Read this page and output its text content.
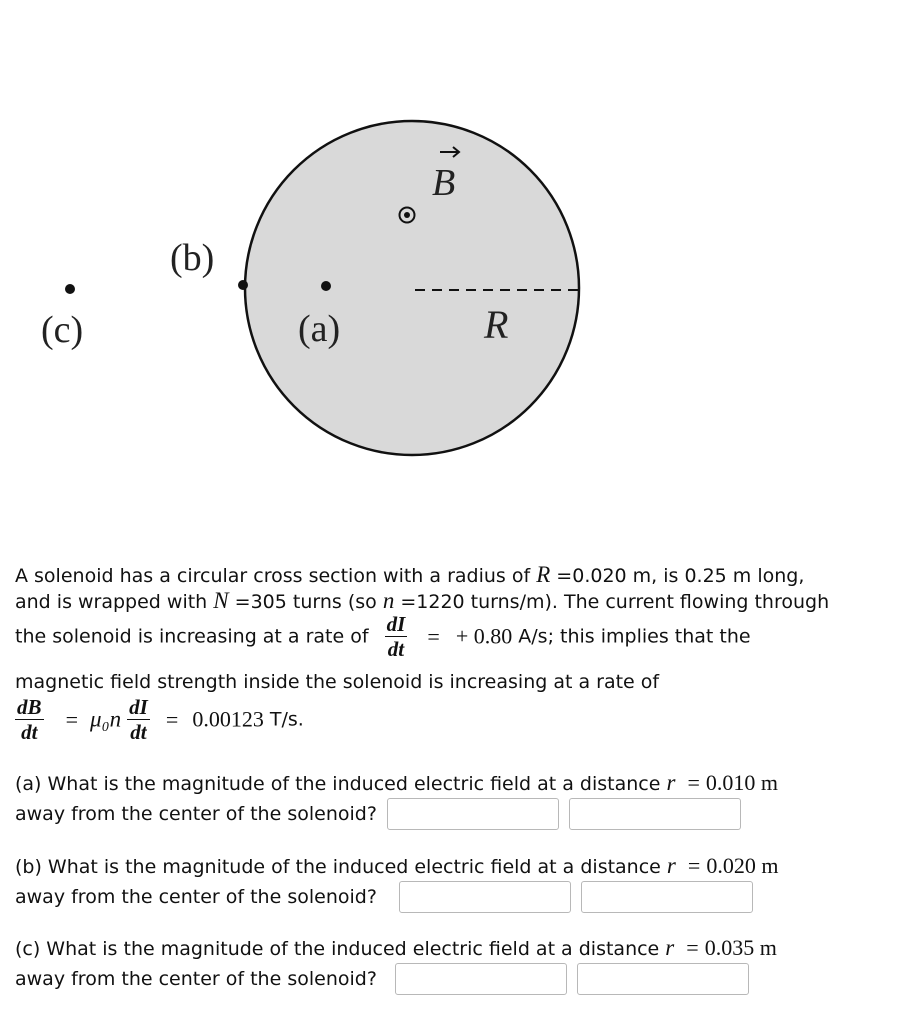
B
(a)	R
(b)
(c)
A solenoid has a circular cross section with a radius of R =0.020 m, is 0.25 m long,
and is wrapped with N =305 turns (so n =1220 turns/m). The current flowing through
the solenoid is increasing at a rate of $\frac{dI}{dt}$ = + 0.80 A/s; this implies that the
magnetic field strength inside the solenoid is increasing at a rate of
$\frac{dB}{dt} = \mu_0n \frac{dI}{dt} = 0.00123$ T/s.
(a) What is the magnitude of the induced electric field at a distance r = 0.010 m
away from the center of the solenoid?
(b) What is the magnitude of the induced electric field at a distance r = 0.020 m
away from the center of the solenoid?
(c) What is the magnitude of the induced electric field at a distance r = 0.035 m
away from the center of the solenoid?
